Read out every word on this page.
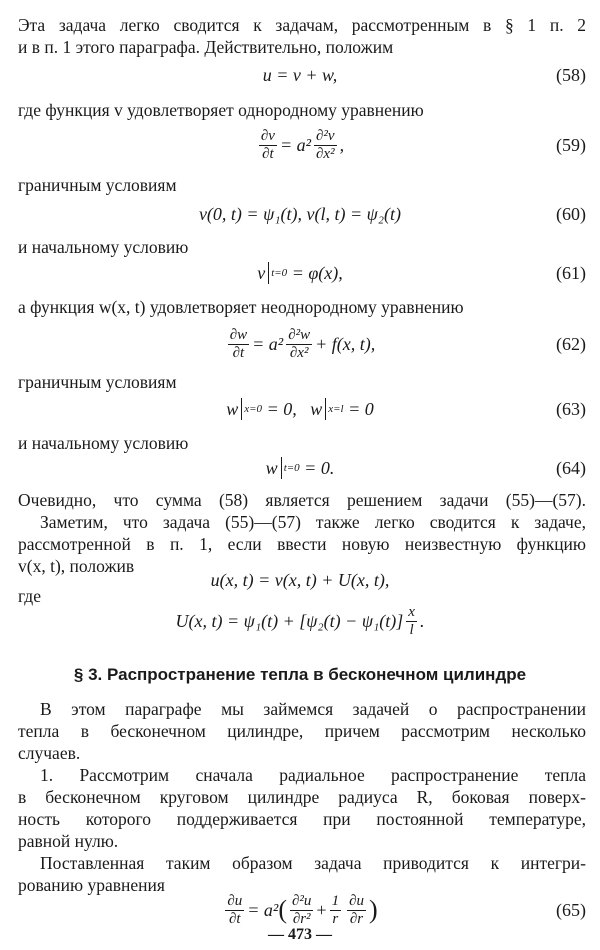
Эта задача легко сводится к задачам, рассмотренным в § 1 п. 2
и в п. 1 этого параграфа. Действительно, положим
u = v + w,	(58)
где функция v удовлетворяет однородному уравнению
$\frac{\partial v}{\partial t} = a^2 \frac{\text{∂²v}}{\text{∂x²}}$ ,	(59)
граничным условиям
v(0, t) = ψ₁(t), v(l, t) = ψ₂(t)	(60)
и начальному условию
v t=0
= φ(x),	(61)
а функция w(x, t) удовлетворяет неоднородному уравнению
$\frac{\partial w}{\partial t} = a^2 \frac{\text{∂²w}}{\text{∂x²}} + f(x$, t),	(62)
граничным условиям
w x=0
= 0,
w x=l
= 0	(63)
и начальному условию
w t=0
= 0.	(64)
Очевидно, что сумма (58) является решением задачи (55)—(57).
Заметим, что задача (55)—(57) также легко сводится к задаче,
рассмотренной в п. 1, если ввести новую неизвестную функцию
v(x, t), положив
u(x, t) = v(x, t) + U(x, t),
где
U(x, $t) = \psi_1(t) + [\psi_2(t) - \psi_1(t)] \frac{x}{l}$ .
§ 3. Распространение тепла в бесконечном цилиндре
В этом параграфе мы займемся задачей о распространении
тепла в бесконечном цилиндре, причем рассмотрим несколько
случаев.
1. Рассмотрим сначала радиальное распространение тепла
в бесконечном круговом цилиндре радиуса R, боковая поверх-
ность которого поддерживается при постоянной температуре,
равной нулю.
Поставленная таким образом задача приводится к интегри-
рованию уравнения
$\frac{\partial u}{\partial t} = a^2$ ( $\frac{\text{∂²u}}{\text{∂r²}} + \frac{1}{r} \frac{\partial u}{\partial r}$ )	(65)
— 473 —
